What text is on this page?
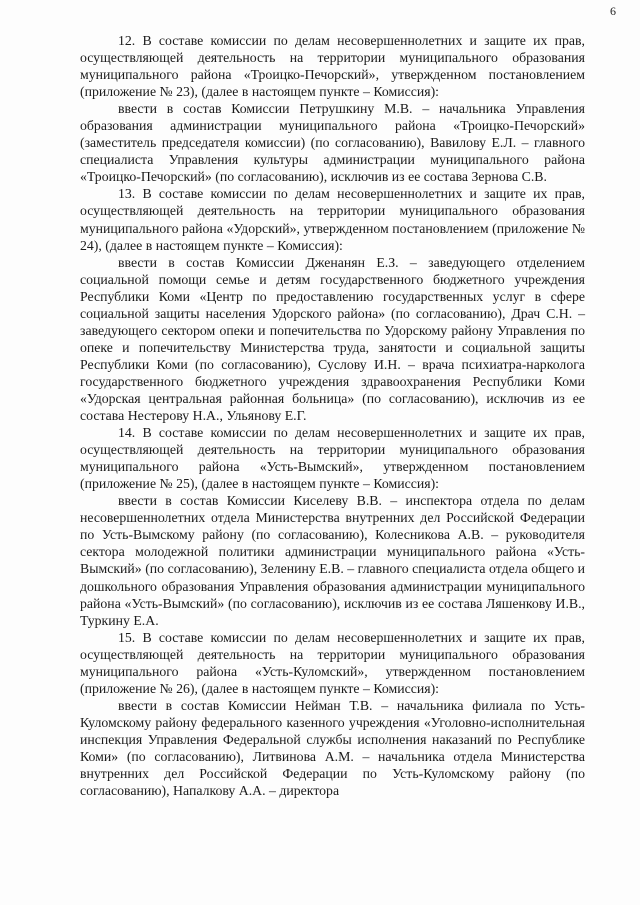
6

12. В составе комиссии по делам несовершеннолетних и защите их прав, осуществляющей деятельность на территории муниципального образования муниципального района «Троицко-Печорский», утвержденном постановлением (приложение № 23), (далее в настоящем пункте – Комиссия):

ввести в состав Комиссии Петрушкину М.В. – начальника Управления образования администрации муниципального района «Троицко-Печорский» (заместитель председателя комиссии) (по согласованию), Вавилову Е.Л. – главного специалиста Управления культуры администрации муниципального района «Троицко-Печорский» (по согласованию), исключив из ее состава Зернова С.В.

13. В составе комиссии по делам несовершеннолетних и защите их прав, осуществляющей деятельность на территории муниципального образования муниципального района «Удорский», утвержденном постановлением (приложение № 24), (далее в настоящем пункте – Комиссия):

ввести в состав Комиссии Дженанян Е.З. – заведующего отделением социальной помощи семье и детям государственного бюджетного учреждения Республики Коми «Центр по предоставлению государственных услуг в сфере социальной защиты населения Удорского района» (по согласованию), Драч С.Н. – заведующего сектором опеки и попечительства по Удорскому району Управления по опеке и попечительству Министерства труда, занятости и социальной защиты Республики Коми (по согласованию), Суслову И.Н. – врача психиатра-нарколога государственного бюджетного учреждения здравоохранения Республики Коми «Удорская центральная районная больница» (по согласованию), исключив из ее состава Нестерову Н.А., Ульянову Е.Г.

14. В составе комиссии по делам несовершеннолетних и защите их прав, осуществляющей деятельность на территории муниципального образования муниципального района «Усть-Вымский», утвержденном постановлением (приложение № 25), (далее в настоящем пункте – Комиссия):

ввести в состав Комиссии Киселеву В.В. – инспектора отдела по делам несовершеннолетних отдела Министерства внутренних дел Российской Федерации по Усть-Вымскому району (по согласованию), Колесникова А.В. – руководителя сектора молодежной политики администрации муниципального района «Усть-Вымский» (по согласованию), Зеленину Е.В. – главного специалиста отдела общего и дошкольного образования Управления образования администрации муниципального района «Усть-Вымский» (по согласованию), исключив из ее состава Ляшенкову И.В., Туркину Е.А.

15. В составе комиссии по делам несовершеннолетних и защите их прав, осуществляющей деятельность на территории муниципального образования муниципального района «Усть-Куломский», утвержденном постановлением (приложение № 26), (далее в настоящем пункте – Комиссия):

ввести в состав Комиссии Нейман Т.В. – начальника филиала по Усть-Куломскому району федерального казенного учреждения «Уголовно-исполнительная инспекция Управления Федеральной службы исполнения наказаний по Республике Коми» (по согласованию), Литвинова А.М. – начальника отдела Министерства внутренних дел Российской Федерации по Усть-Куломскому району (по согласованию), Напалкову А.А. – директора
